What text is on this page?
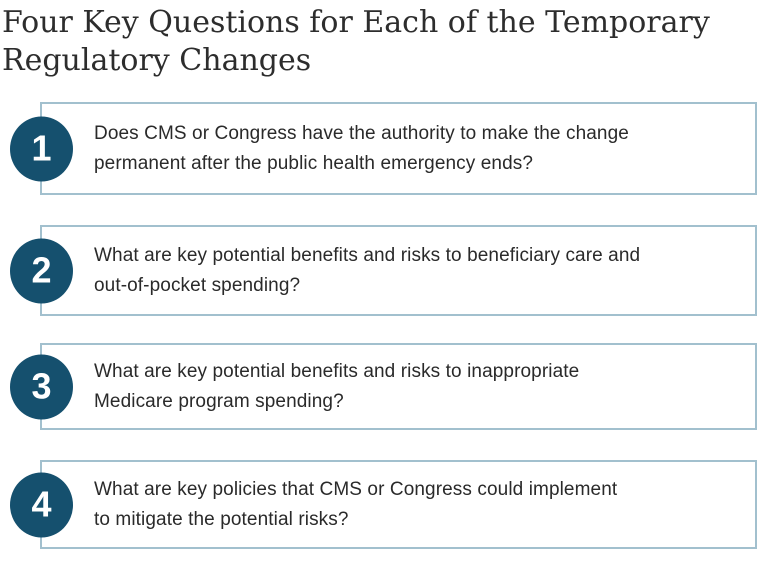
Four Key Questions for Each of the Temporary
Regulatory Changes
1 Does CMS or Congress have the authority to make the change
permanent after the public health emergency ends?

2 What are key potential benefits and risks to beneficiary care and
out-of-pocket spending?

3 What are key potential benefits and risks to inappropriate
Medicare program spending?

4 What are key policies that CMS or Congress could implement
to mitigate the potential risks?
